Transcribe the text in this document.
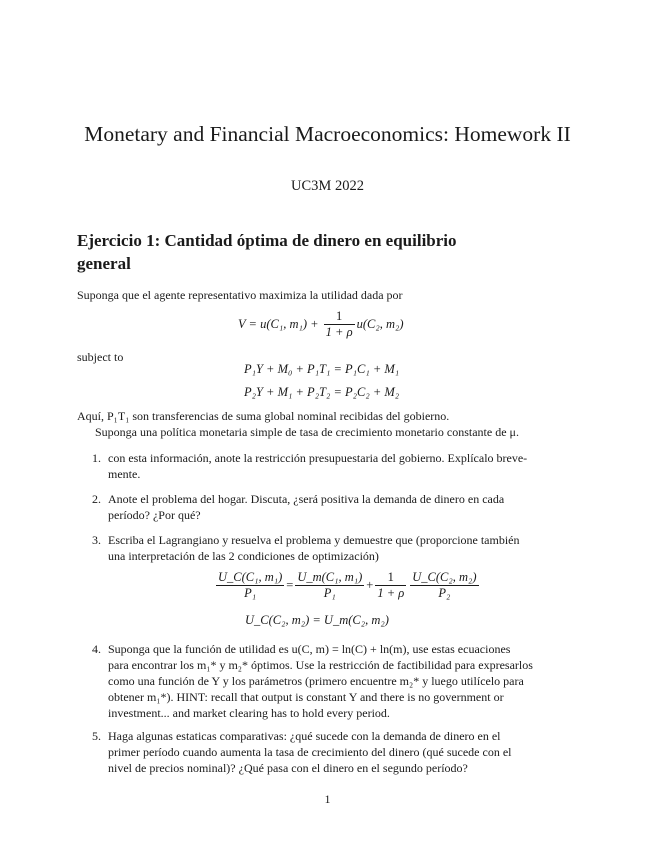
Monetary and Financial Macroeconomics: Homework II
UC3M 2022
Ejercicio 1: Cantidad óptima de dinero en equilibrio
general
Suponga que el agente representativo maximiza la utilidad dada por
V = u(C₁, $m_1) + \frac{1}{1 + \rho} u(C_2$, m₂)
subject to
P₁Y + M₀ + P₁T₁ = P₁C₁ + M₁
P₂Y + M₁ + P₂T₂ = P₂C₂ + M₂
Aquí, P₁T₁ son transferencias de suma global nominal recibidas del gobierno.
Suponga una política monetaria simple de tasa de crecimiento monetario constante de μ.
1. con esta información, anote la restricción presupuestaria del gobierno. Explícalo breve-
mente.
2. Anote el problema del hogar. Discuta, ¿será positiva la demanda de dinero en cada
período? ¿Por qué?
3. Escriba el Lagrangiano y resuelva el problema y demuestre que (proporcione también
una interpretación de las 2 condiciones de optimización)
$\frac{\text{U\_C(C₁, m₁)}}{\text{P₁}} = \frac{\text{U\_m(C₁, m₁)}}{\text{P₁}} + \frac{1}{1 + \rho} \frac{\text{U\_C(C₂, m₂)}}{\text{P₂}}$
U_C(C₂, m₂) = U_m(C₂, m₂)
4. Suponga que la función de utilidad es u(C, m) = ln(C) + ln(m), use estas ecuaciones
para encontrar los m₁* y m₂* óptimos. Use la restricción de factibilidad para expresarlos
como una función de Y y los parámetros (primero encuentre m₂* y luego utilícelo para
obtener m₁*). HINT: recall that output is constant Y and there is no government or
investment... and market clearing has to hold every period.
5. Haga algunas estaticas comparativas: ¿qué sucede con la demanda de dinero en el
primer período cuando aumenta la tasa de crecimiento del dinero (qué sucede con el
nivel de precios nominal)? ¿Qué pasa con el dinero en el segundo período?
1
